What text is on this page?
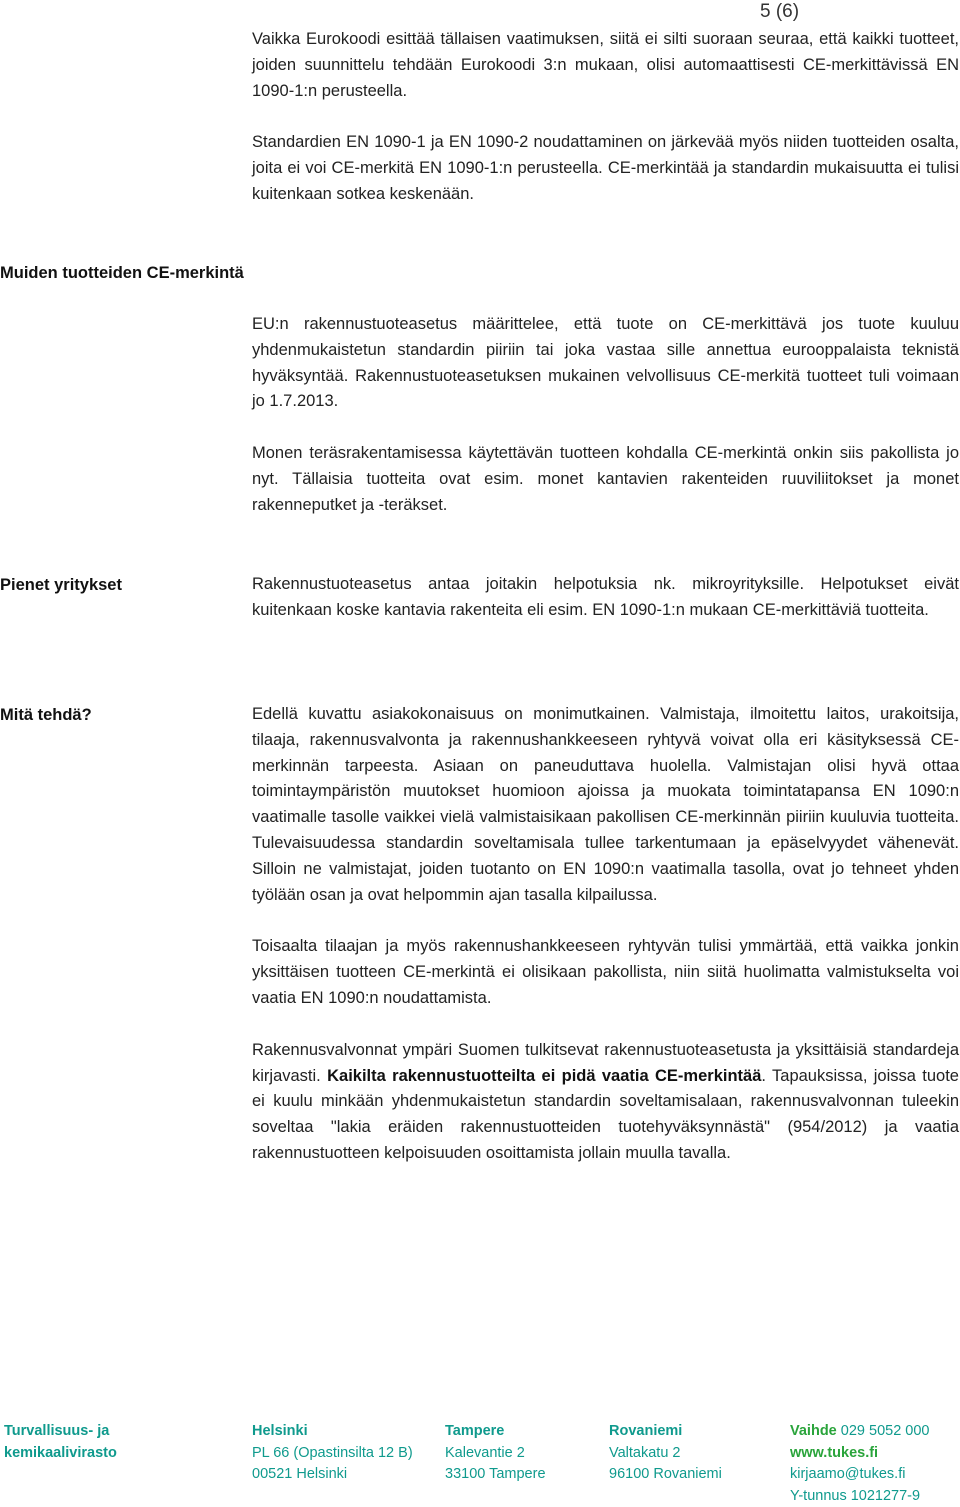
5 (6)

Vaikka Eurokoodi esittää tällaisen vaatimuksen, siitä ei silti suoraan seuraa, että kaikki tuotteet, joiden suunnittelu tehdään Eurokoodi 3:n mukaan, olisi automaattisesti CE-merkittävissä EN 1090-1:n perusteella.

Standardien EN 1090-1 ja EN 1090-2 noudattaminen on järkevää myös niiden tuotteiden osalta, joita ei voi CE-merkitä EN 1090-1:n perusteella. CE-merkintää ja standardin mukaisuutta ei tulisi kuitenkaan sotkea keskenään.

Muiden tuotteiden CE-merkintä

EU:n rakennustuoteasetus määrittelee, että tuote on CE-merkittävä jos tuote kuuluu yhdenmukaistetun standardin piiriin tai joka vastaa sille annettua eurooppalaista teknistä hyväksyntää. Rakennustuoteasetuksen mukainen velvollisuus CE-merkitä tuotteet tuli voimaan jo 1.7.2013.

Monen teräsrakentamisessa käytettävän tuotteen kohdalla CE-merkintä onkin siis pakollista jo nyt. Tällaisia tuotteita ovat esim. monet kantavien rakenteiden ruuviliitokset ja monet rakenneputket ja -teräkset.

Pienet yritykset	Rakennustuoteasetus antaa joitakin helpotuksia nk. mikroyrityksille. Helpotukset eivät kuitenkaan koske kantavia rakenteita eli esim. EN 1090-1:n mukaan CE-merkittäviä tuotteita.

Mitä tehdä?	Edellä kuvattu asiakokonaisuus on monimutkainen. Valmistaja, ilmoitettu laitos, urakoitsija, tilaaja, rakennusvalvonta ja rakennushankkeeseen ryhtyvä voivat olla eri käsityksessä CE-merkinnän tarpeesta. Asiaan on paneuduttava huolella. Valmistajan olisi hyvä ottaa toimintaympäristön muutokset huomioon ajoissa ja muokata toimintatapansa EN 1090:n vaatimalle tasolle vaikkei vielä valmistaisikaan pakollisen CE-merkinnän piiriin kuuluvia tuotteita. Tulevaisuudessa standardin soveltamisala tullee tarkentumaan ja epäselvyydet vähenevät. Silloin ne valmistajat, joiden tuotanto on EN 1090:n vaatimalla tasolla, ovat jo tehneet yhden työlään osan ja ovat helpommin ajan tasalla kilpailussa.

Toisaalta tilaajan ja myös rakennushankkeeseen ryhtyvän tulisi ymmärtää, että vaikka jonkin yksittäisen tuotteen CE-merkintä ei olisikaan pakollista, niin siitä huolimatta valmistukselta voi vaatia EN 1090:n noudattamista.

Rakennusvalvonnat ympäri Suomen tulkitsevat rakennustuoteasetusta ja yksittäisiä standardeja kirjavasti. Kaikilta rakennustuotteilta ei pidä vaatia CE-merkintää. Tapauksissa, joissa tuote ei kuulu minkään yhdenmukaistetun standardin soveltamisalaan, rakennusvalvonnan tuleekin soveltaa "lakia eräiden rakennustuotteiden tuotehyväksynnästä" (954/2012) ja vaatia rakennustuotteen kelpoisuuden osoittamista jollain muulla tavalla.

Turvallisuus- ja
kemikaalivirasto
Helsinki
PL 66 (Opastinsilta 12 B)
00521 Helsinki
Tampere
Kalevantie 2
33100 Tampere
Rovaniemi
Valtakatu 2
96100 Rovaniemi
Vaihde 029 5052 000
www.tukes.fi
kirjaamo@tukes.fi
Y-tunnus 1021277-9
